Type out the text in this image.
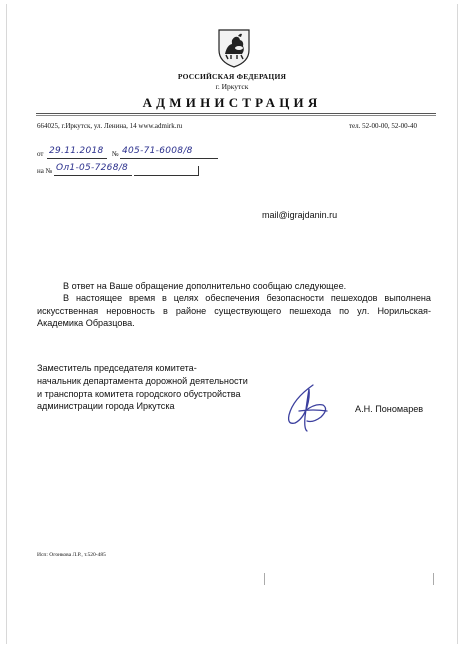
РОССИЙСКАЯ ФЕДЕРАЦИЯ
г. Иркутск
АДМИНИСТРАЦИЯ
664025, г.Иркутск, ул. Ленина, 14 www.admirk.ru	тел. 52-00-00, 52-00-40
от 29.11.2018 № 405-71-6008/8
на № Ол1-05-7268/8
mail@igrajdanin.ru
В ответ на Ваше обращение дополнительно сообщаю следующее.
В настоящее время в целях обеспечения безопасности пешеходов выполнена искусственная неровность в районе существующего пешехода по ул. Норильская-Академика Образцова.
Заместитель председателя комитета-
начальник департамента дорожной деятельности
и транспорта комитета городского обустройства
администрации города Иркутска	А.Н. Пономарев
Исп: Огонкова Л.Р., т.520-485
